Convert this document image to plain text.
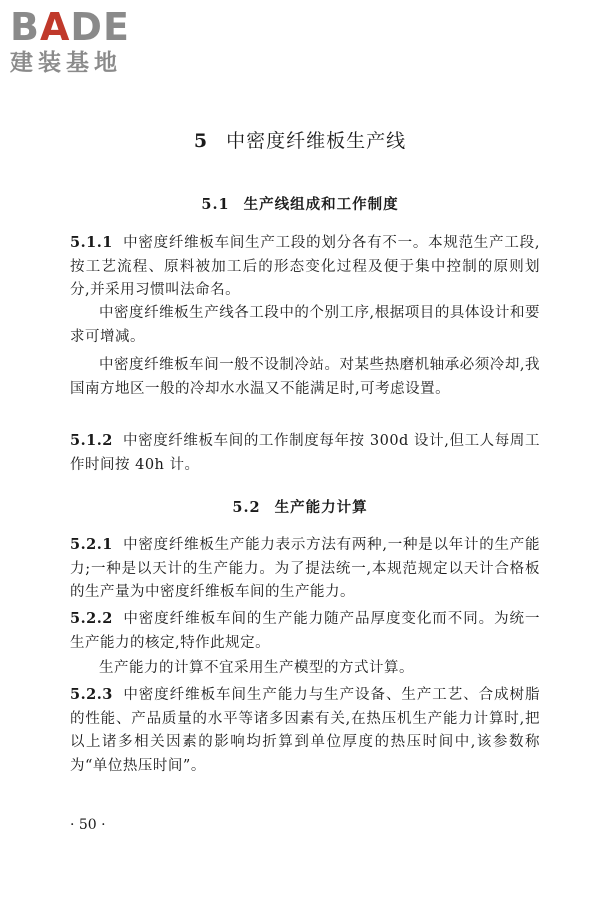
BADE
建装基地
5 中密度纤维板生产线
5.1 生产线组成和工作制度
5.1.1 中密度纤维板车间生产工段的划分各有不一。本规范生产工段,按工艺流程、原料被加工后的形态变化过程及便于集中控制的原则划分,并采用习惯叫法命名。
中密度纤维板生产线各工段中的个别工序,根据项目的具体设计和要求可增减。
中密度纤维板车间一般不设制冷站。对某些热磨机轴承必须冷却,我国南方地区一般的冷却水水温又不能满足时,可考虑设置。
5.1.2 中密度纤维板车间的工作制度每年按 300d 设计,但工人每周工作时间按 40h 计。
5.2 生产能力计算
5.2.1 中密度纤维板生产能力表示方法有两种,一种是以年计的生产能力;一种是以天计的生产能力。为了提法统一,本规范规定以天计合格板的生产量为中密度纤维板车间的生产能力。
5.2.2 中密度纤维板车间的生产能力随产品厚度变化而不同。为统一生产能力的核定,特作此规定。
生产能力的计算不宜采用生产模型的方式计算。
5.2.3 中密度纤维板车间生产能力与生产设备、生产工艺、合成树脂的性能、产品质量的水平等诸多因素有关,在热压机生产能力计算时,把以上诸多相关因素的影响均折算到单位厚度的热压时间中,该参数称为“单位热压时间”。
· 50 ·
